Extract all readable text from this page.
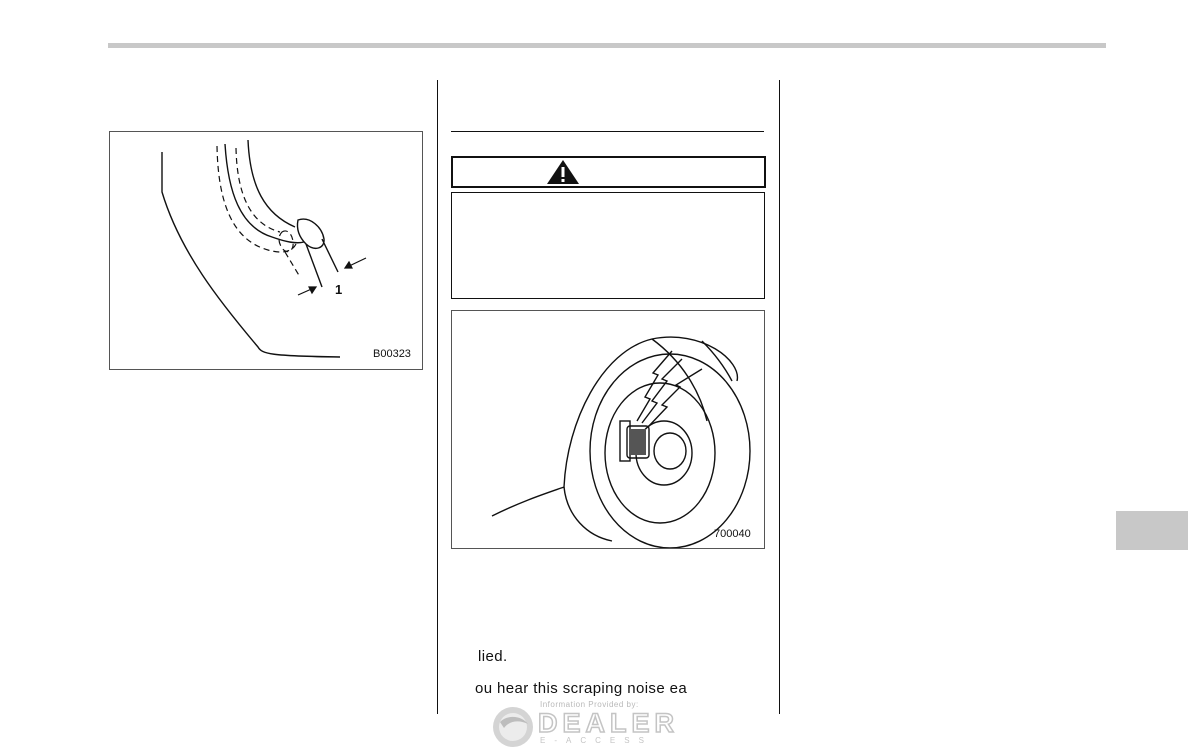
1
B00323
700040
lied.
ou hear this scraping noise ea
Information Provided by:
DEALER
E-ACCESS
